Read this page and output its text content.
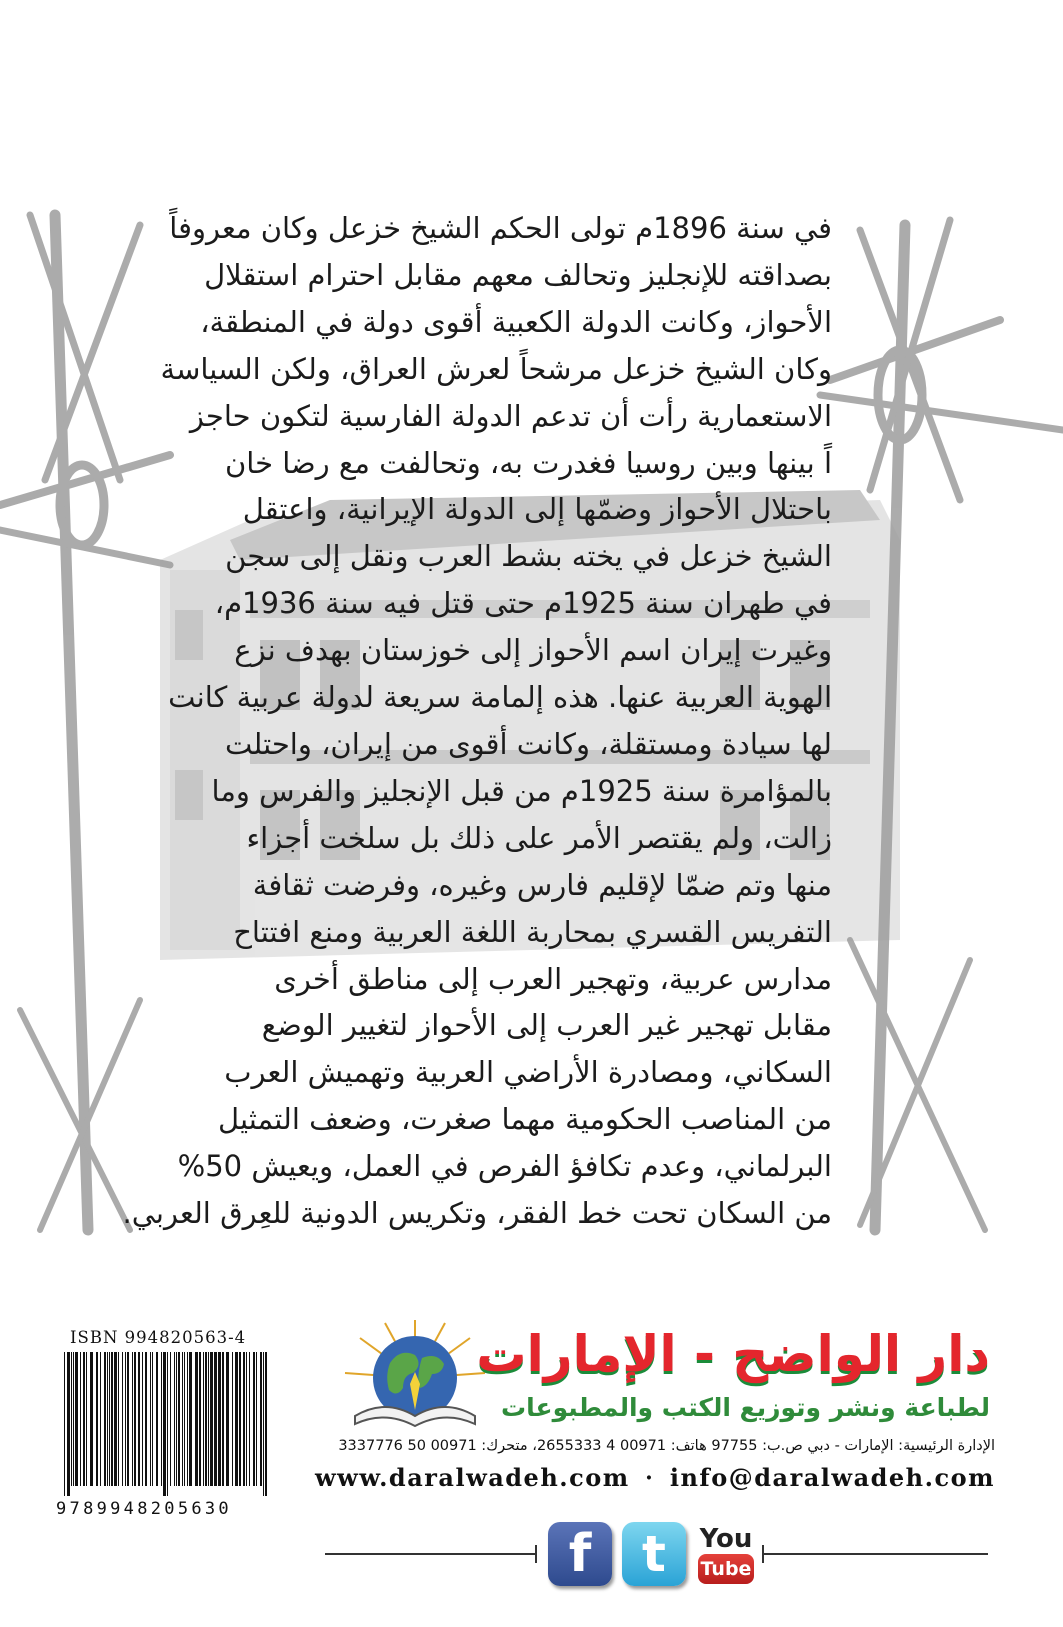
في سنة 1896م تولى الحكم الشيخ خزعل وكان معروفاً
بصداقته للإنجليز وتحالف معهم مقابل احترام استقلال
الأحواز، وكانت الدولة الكعبية أقوى دولة في المنطقة،
وكان الشيخ خزعل مرشحاً لعرش العراق، ولكن السياسة
الاستعمارية رأت أن تدعم الدولة الفارسية لتكون حاجز
اً بينها وبين روسيا فغدرت به، وتحالفت مع رضا خان
باحتلال الأحواز وضمّها إلى الدولة الإيرانية، واعتقل
الشيخ خزعل في يخته بشط العرب ونقل إلى سجن
في طهران سنة 1925م حتى قتل فيه سنة 1936م،
وغيرت إيران اسم الأحواز إلى خوزستان بهدف نزع
الهوية العربية عنها. هذه إلمامة سريعة لدولة عربية كانت
لها سيادة ومستقلة، وكانت أقوى من إيران، واحتلت
بالمؤامرة سنة 1925م من قبل الإنجليز والفرس وما
زالت، ولم يقتصر الأمر على ذلك بل سلخت أجزاء
منها وتم ضمّا لإقليم فارس وغيره، وفرضت ثقافة
التفريس القسري بمحاربة اللغة العربية ومنع افتتاح
مدارس عربية، وتهجير العرب إلى مناطق أخرى
مقابل تهجير غير العرب إلى الأحواز لتغيير الوضع
السكاني، ومصادرة الأراضي العربية وتهميش العرب
من المناصب الحكومية مهما صغرت، وضعف التمثيل
البرلماني، وعدم تكافؤ الفرص في العمل، ويعيش 50%
من السكان تحت خط الفقر، وتكريس الدونية للعِرق العربي.
ISBN 994820563-4
9789948205630
دار الواضح - الإمارات
لطباعة ونشر وتوزيع الكتب والمطبوعات
الإدارة الرئيسية: الإمارات - دبي ص.ب: 97755 هاتف: 00971 4 2655333، متحرك: 00971 50 3337776
www.daralwadeh.com · info@daralwadeh.com
f	t	You
Tube
